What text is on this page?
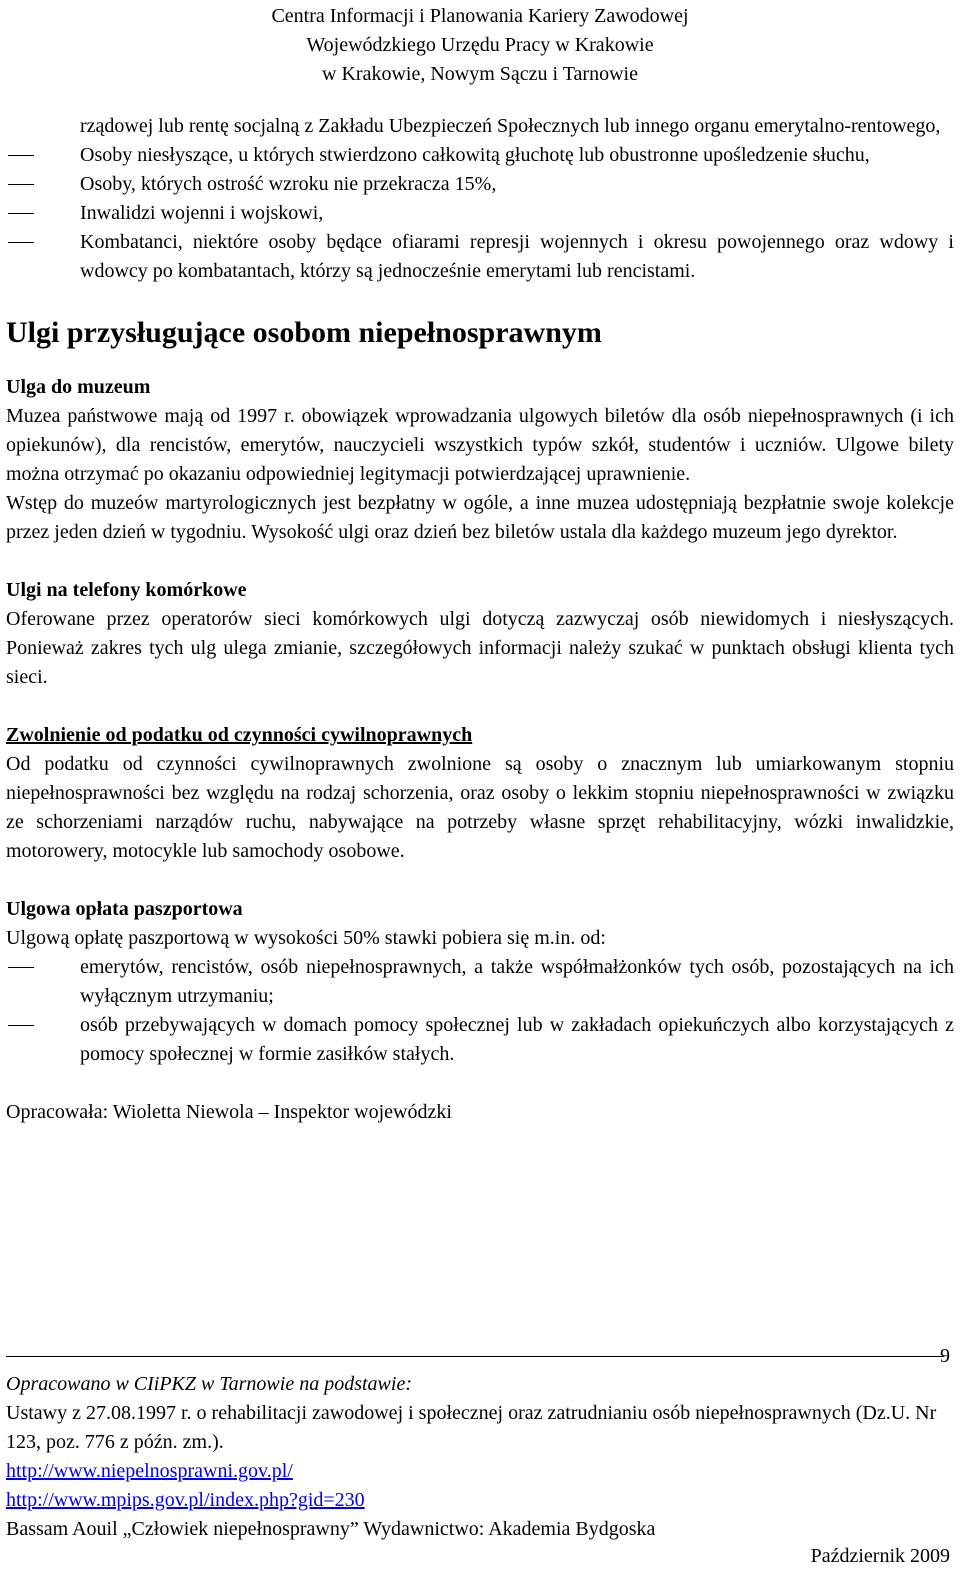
Centra Informacji i Planowania Kariery Zawodowej
Wojewódzkiego Urzędu Pracy w Krakowie
w Krakowie, Nowym Sączu i Tarnowie

rządowej lub rentę socjalną z Zakładu Ubezpieczeń Społecznych lub innego organu emerytalno-rentowego,

Osoby niesłyszące, u których stwierdzono całkowitą głuchotę lub obustronne upośledzenie słuchu,
Osoby, których ostrość wzroku nie przekracza 15%,
Inwalidzi wojenni i wojskowi,
Kombatanci, niektóre osoby będące ofiarami represji wojennych i okresu powojennego oraz wdowy i wdowcy po kombatantach, którzy są jednocześnie emerytami lub rencistami.
Ulgi przysługujące osobom niepełnosprawnym
Ulga do muzeum

Muzea państwowe mają od 1997 r. obowiązek wprowadzania ulgowych biletów dla osób niepełnosprawnych (i ich opiekunów), dla rencistów, emerytów, nauczycieli wszystkich typów szkół, studentów i uczniów. Ulgowe bilety można otrzymać po okazaniu odpowiedniej legitymacji potwierdzającej uprawnienie.

Wstęp do muzeów martyrologicznych jest bezpłatny w ogóle, a inne muzea udostępniają bezpłatnie swoje kolekcje przez jeden dzień w tygodniu. Wysokość ulgi oraz dzień bez biletów ustala dla każdego muzeum jego dyrektor.

Ulgi na telefony komórkowe

Oferowane przez operatorów sieci komórkowych ulgi dotyczą zazwyczaj osób niewidomych i niesłyszących. Ponieważ zakres tych ulg ulega zmianie, szczegółowych informacji należy szukać w punktach obsługi klienta tych sieci.

Zwolnienie od podatku od czynności cywilnoprawnych

Od podatku od czynności cywilnoprawnych zwolnione są osoby o znacznym lub umiarkowanym stopniu niepełnosprawności bez względu na rodzaj schorzenia, oraz osoby o lekkim stopniu niepełnosprawności w związku ze schorzeniami narządów ruchu, nabywające na potrzeby własne sprzęt rehabilitacyjny, wózki inwalidzkie, motorowery, motocykle lub samochody osobowe.

Ulgowa opłata paszportowa

Ulgową opłatę paszportową w wysokości 50% stawki pobiera się m.in. od:

emerytów, rencistów, osób niepełnosprawnych, a także współmałżonków tych osób, pozostających na ich wyłącznym utrzymaniu;
osób przebywających w domach pomocy społecznej lub w zakładach opiekuńczych albo korzystających z pomocy społecznej w formie zasiłków stałych.

Opracowała: Wioletta Niewola – Inspektor wojewódzki

9
Opracowano w CIiPKZ w Tarnowie na podstawie:
Ustawy z 27.08.1997 r. o rehabilitacji zawodowej i społecznej oraz zatrudnianiu osób niepełnosprawnych (Dz.U. Nr 123, poz. 776 z późn. zm.).
http://www.niepelnosprawni.gov.pl/
http://www.mpips.gov.pl/index.php?gid=230
Bassam Aouil „Człowiek niepełnosprawny” Wydawnictwo: Akademia Bydgoska
Październik 2009
